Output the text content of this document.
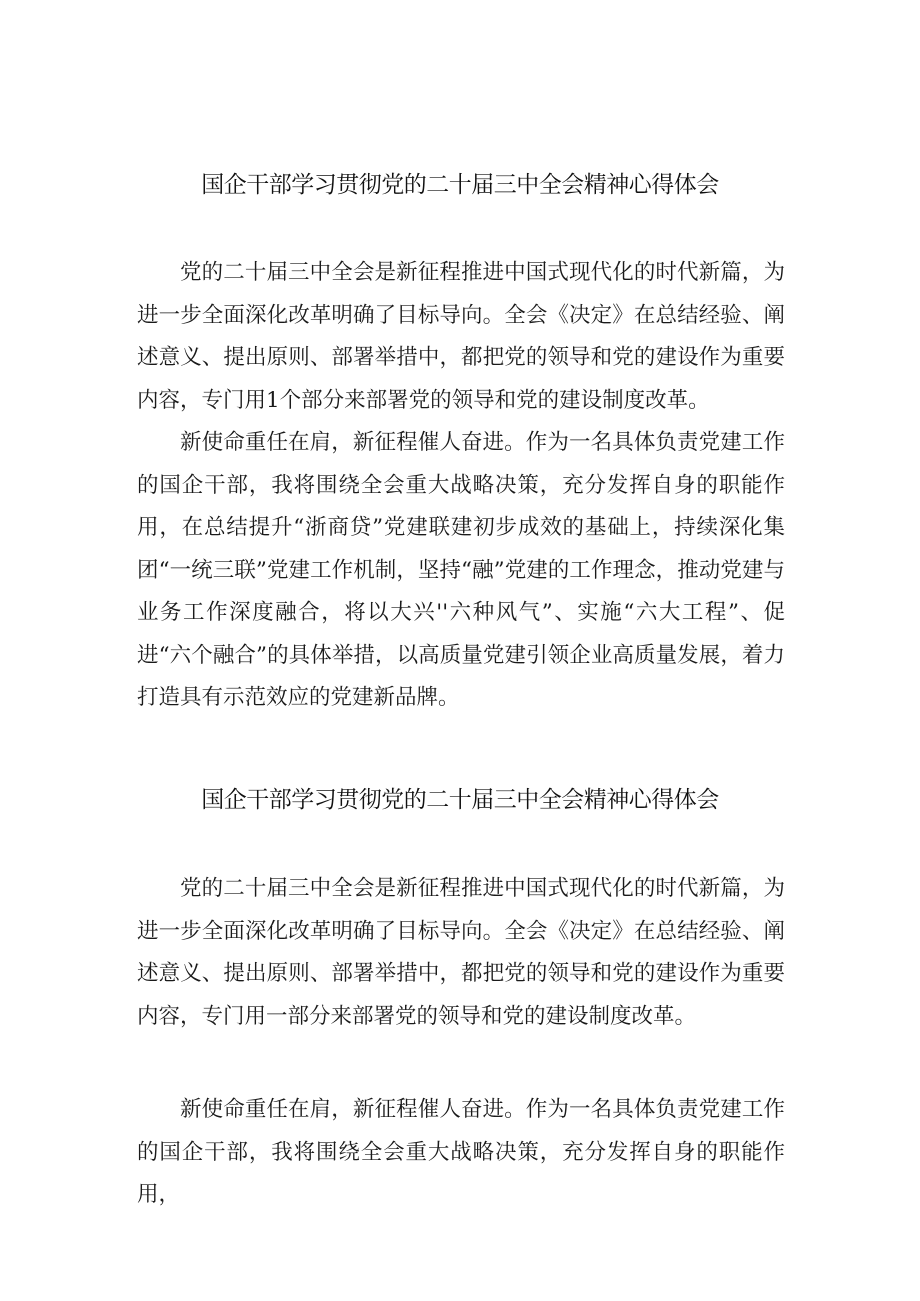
国企干部学习贯彻党的二十届三中全会精神心得体会

党的二十届三中全会是新征程推进中国式现代化的时代新篇，为进一步全面深化改革明确了目标导向。全会《决定》在总结经验、阐述意义、提出原则、部署举措中，都把党的领导和党的建设作为重要内容，专门用1个部分来部署党的领导和党的建设制度改革。

新使命重任在肩，新征程催人奋进。作为一名具体负责党建工作的国企干部，我将围绕全会重大战略决策，充分发挥自身的职能作用，在总结提升“浙商贷”党建联建初步成效的基础上，持续深化集团“一统三联”党建工作机制，坚持“融”党建的工作理念，推动党建与业务工作深度融合，将以大兴''六种风气”、实施“六大工程”、促进“六个融合”的具体举措，以高质量党建引领企业高质量发展，着力打造具有示范效应的党建新品牌。

国企干部学习贯彻党的二十届三中全会精神心得体会

党的二十届三中全会是新征程推进中国式现代化的时代新篇，为进一步全面深化改革明确了目标导向。全会《决定》在总结经验、阐述意义、提出原则、部署举措中，都把党的领导和党的建设作为重要内容，专门用一部分来部署党的领导和党的建设制度改革。

新使命重任在肩，新征程催人奋进。作为一名具体负责党建工作的国企干部，我将围绕全会重大战略决策，充分发挥自身的职能作用，
